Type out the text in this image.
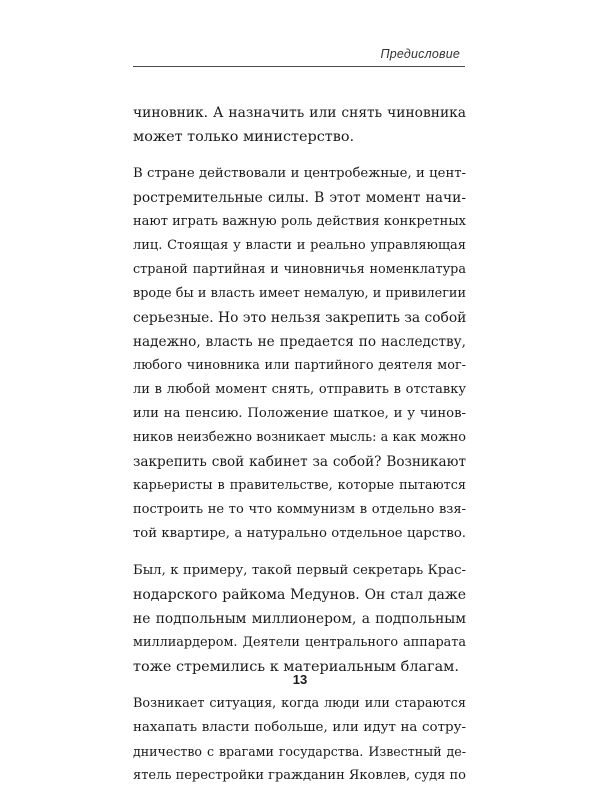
Предисловие

чиновник. А назначить или снять чиновника
может только министерство.

В стране действовали и центробежные, и цент-
ростремительные силы. В этот момент начи-
нают играть важную роль действия конкретных
лиц. Стоящая у власти и реально управляющая
страной партийная и чиновничья номенклатура
вроде бы и власть имеет немалую, и привилегии
серьезные. Но это нельзя закрепить за собой
надежно, власть не предается по наследству,
любого чиновника или партийного деятеля мог-
ли в любой момент снять, отправить в отставку
или на пенсию. Положение шаткое, и у чинов-
ников неизбежно возникает мысль: а как можно
закрепить свой кабинет за собой? Возникают
карьеристы в правительстве, которые пытаются
построить не то что коммунизм в отдельно взя-
той квартире, а натурально отдельное царство.

Был, к примеру, такой первый секретарь Крас-
нодарского райкома Медунов. Он стал даже
не подпольным миллионером, а подпольным
миллиардером. Деятели центрального аппарата
тоже стремились к материальным благам.

Возникает ситуация, когда люди или стараются
нахапать власти побольше, или идут на сотру-
дничество с врагами государства. Известный де-
ятель перестройки гражданин Яковлев, судя по

13
